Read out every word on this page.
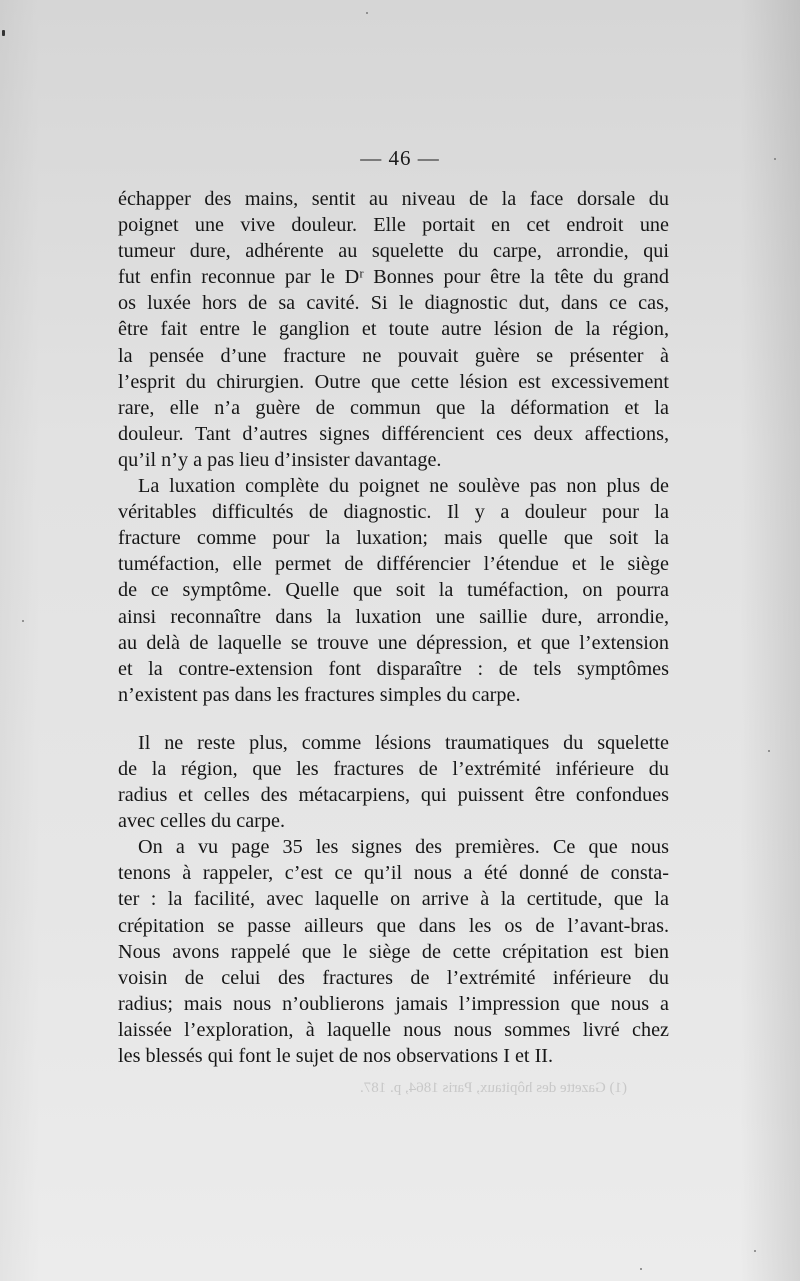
— 46 —
échapper des mains, sentit au niveau de la face dorsale du
poignet une vive douleur. Elle portait en cet endroit une
tumeur dure, adhérente au squelette du carpe, arrondie, qui
fut enfin reconnue par le Dʳ Bonnes pour être la tête du grand
os luxée hors de sa cavité. Si le diagnostic dut, dans ce cas,
être fait entre le ganglion et toute autre lésion de la région,
la pensée d’une fracture ne pouvait guère se présenter à
l’esprit du chirurgien. Outre que cette lésion est excessivement
rare, elle n’a guère de commun que la déformation et la
douleur. Tant d’autres signes différencient ces deux affections,
qu’il n’y a pas lieu d’insister davantage.
La luxation complète du poignet ne soulève pas non plus de
véritables difficultés de diagnostic. Il y a douleur pour la
fracture comme pour la luxation; mais quelle que soit la
tuméfaction, elle permet de différencier l’étendue et le siège
de ce symptôme. Quelle que soit la tuméfaction, on pourra
ainsi reconnaître dans la luxation une saillie dure, arrondie,
au delà de laquelle se trouve une dépression, et que l’extension
et la contre-extension font disparaître : de tels symptômes
n’existent pas dans les fractures simples du carpe.
Il ne reste plus, comme lésions traumatiques du squelette
de la région, que les fractures de l’extrémité inférieure du
radius et celles des métacarpiens, qui puissent être confondues
avec celles du carpe.
On a vu page 35 les signes des premières. Ce que nous
tenons à rappeler, c’est ce qu’il nous a été donné de consta-
ter : la facilité, avec laquelle on arrive à la certitude, que la
crépitation se passe ailleurs que dans les os de l’avant-bras.
Nous avons rappelé que le siège de cette crépitation est bien
voisin de celui des fractures de l’extrémité inférieure du
radius; mais nous n’oublierons jamais l’impression que nous a
laissée l’exploration, à laquelle nous nous sommes livré chez
les blessés qui font le sujet de nos observations I et II.
(1) Gazette des hôpitaux, Paris 1864, p. 187.
